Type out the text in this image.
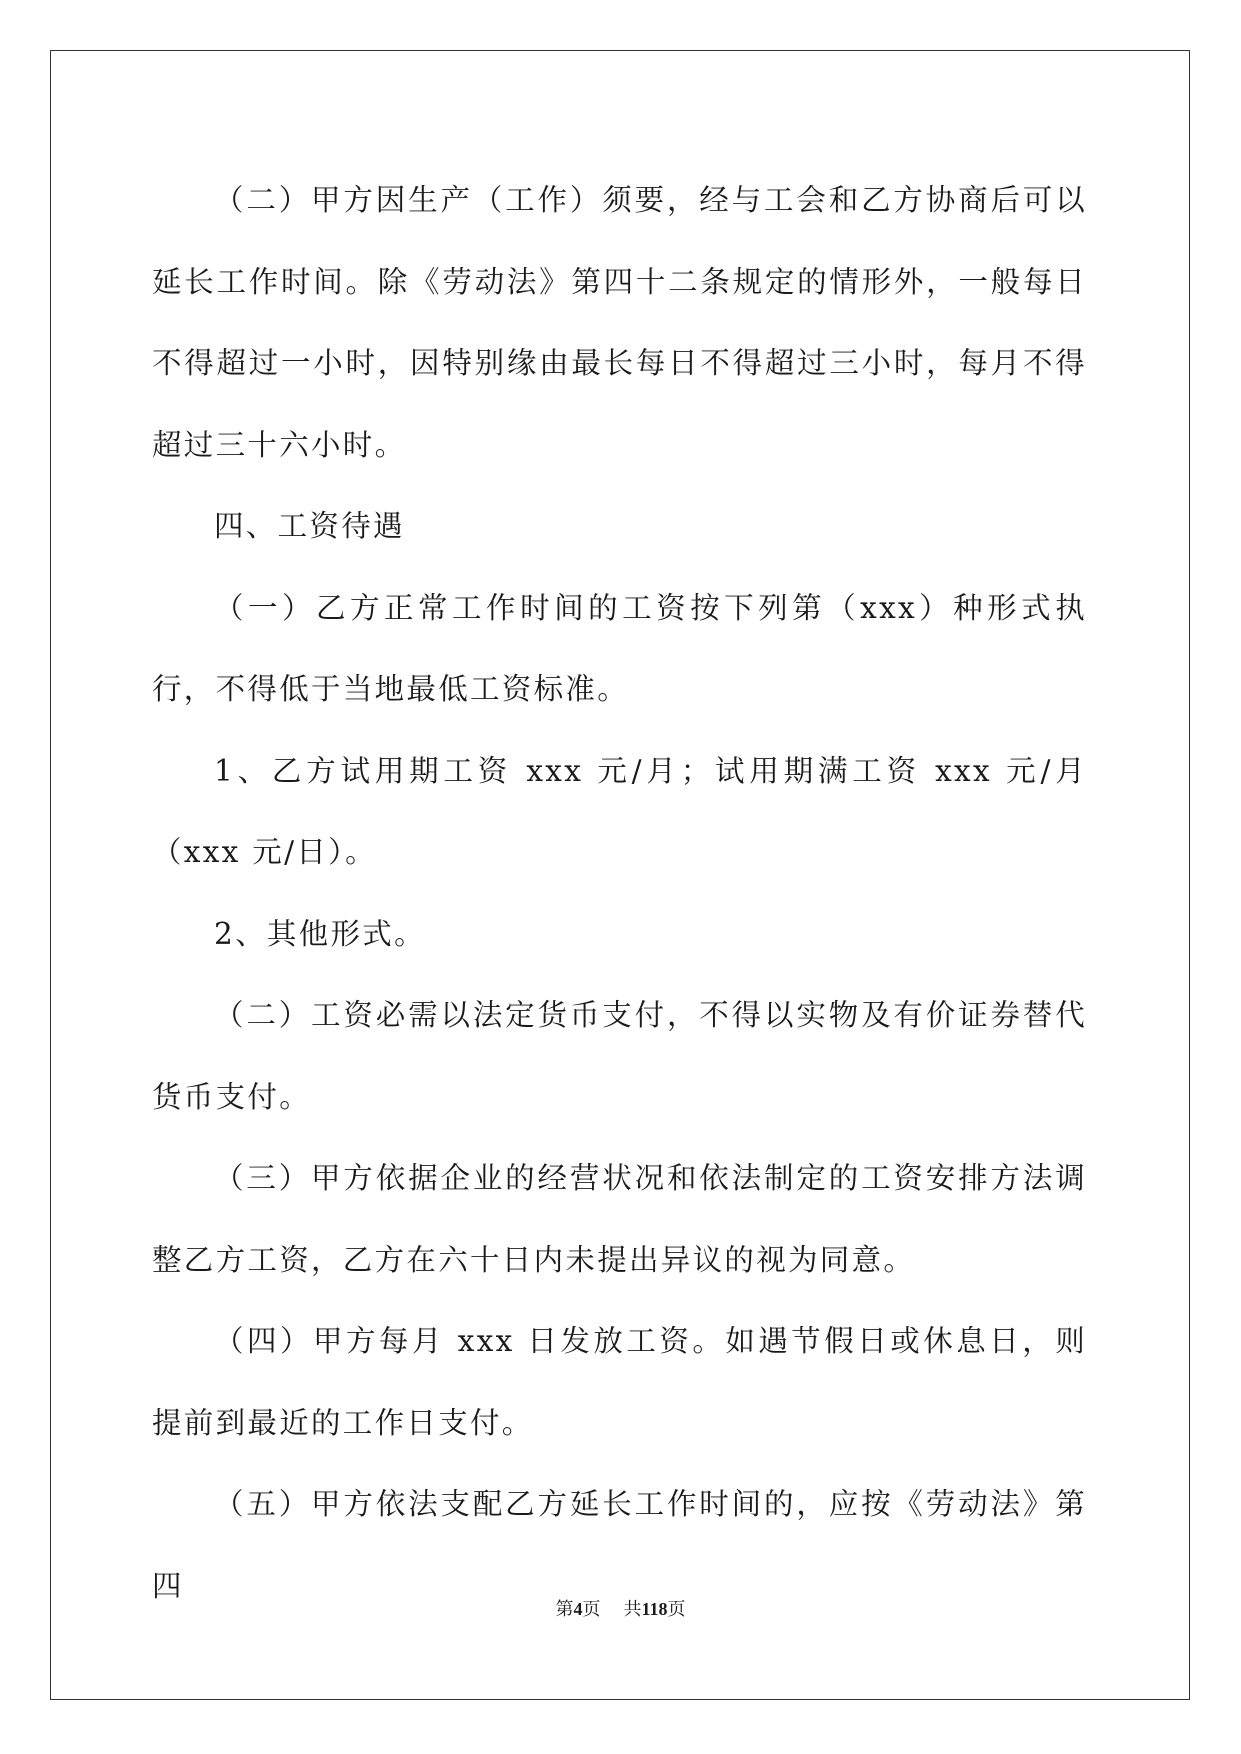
（二）甲方因生产（工作）须要，经与工会和乙方协商后可以延长工作时间。除《劳动法》第四十二条规定的情形外，一般每日不得超过一小时，因特别缘由最长每日不得超过三小时，每月不得超过三十六小时。

四、工资待遇

（一）乙方正常工作时间的工资按下列第（xxx）种形式执行，不得低于当地最低工资标准。

1、乙方试用期工资 xxx 元/月；试用期满工资 xxx 元/月（xxx 元/日）。

2、其他形式。

（二）工资必需以法定货币支付，不得以实物及有价证券替代货币支付。

（三）甲方依据企业的经营状况和依法制定的工资安排方法调整乙方工资，乙方在六十日内未提出异议的视为同意。

（四）甲方每月 xxx 日发放工资。如遇节假日或休息日，则提前到最近的工作日支付。

（五）甲方依法支配乙方延长工作时间的，应按《劳动法》第四

第4页 共118页
